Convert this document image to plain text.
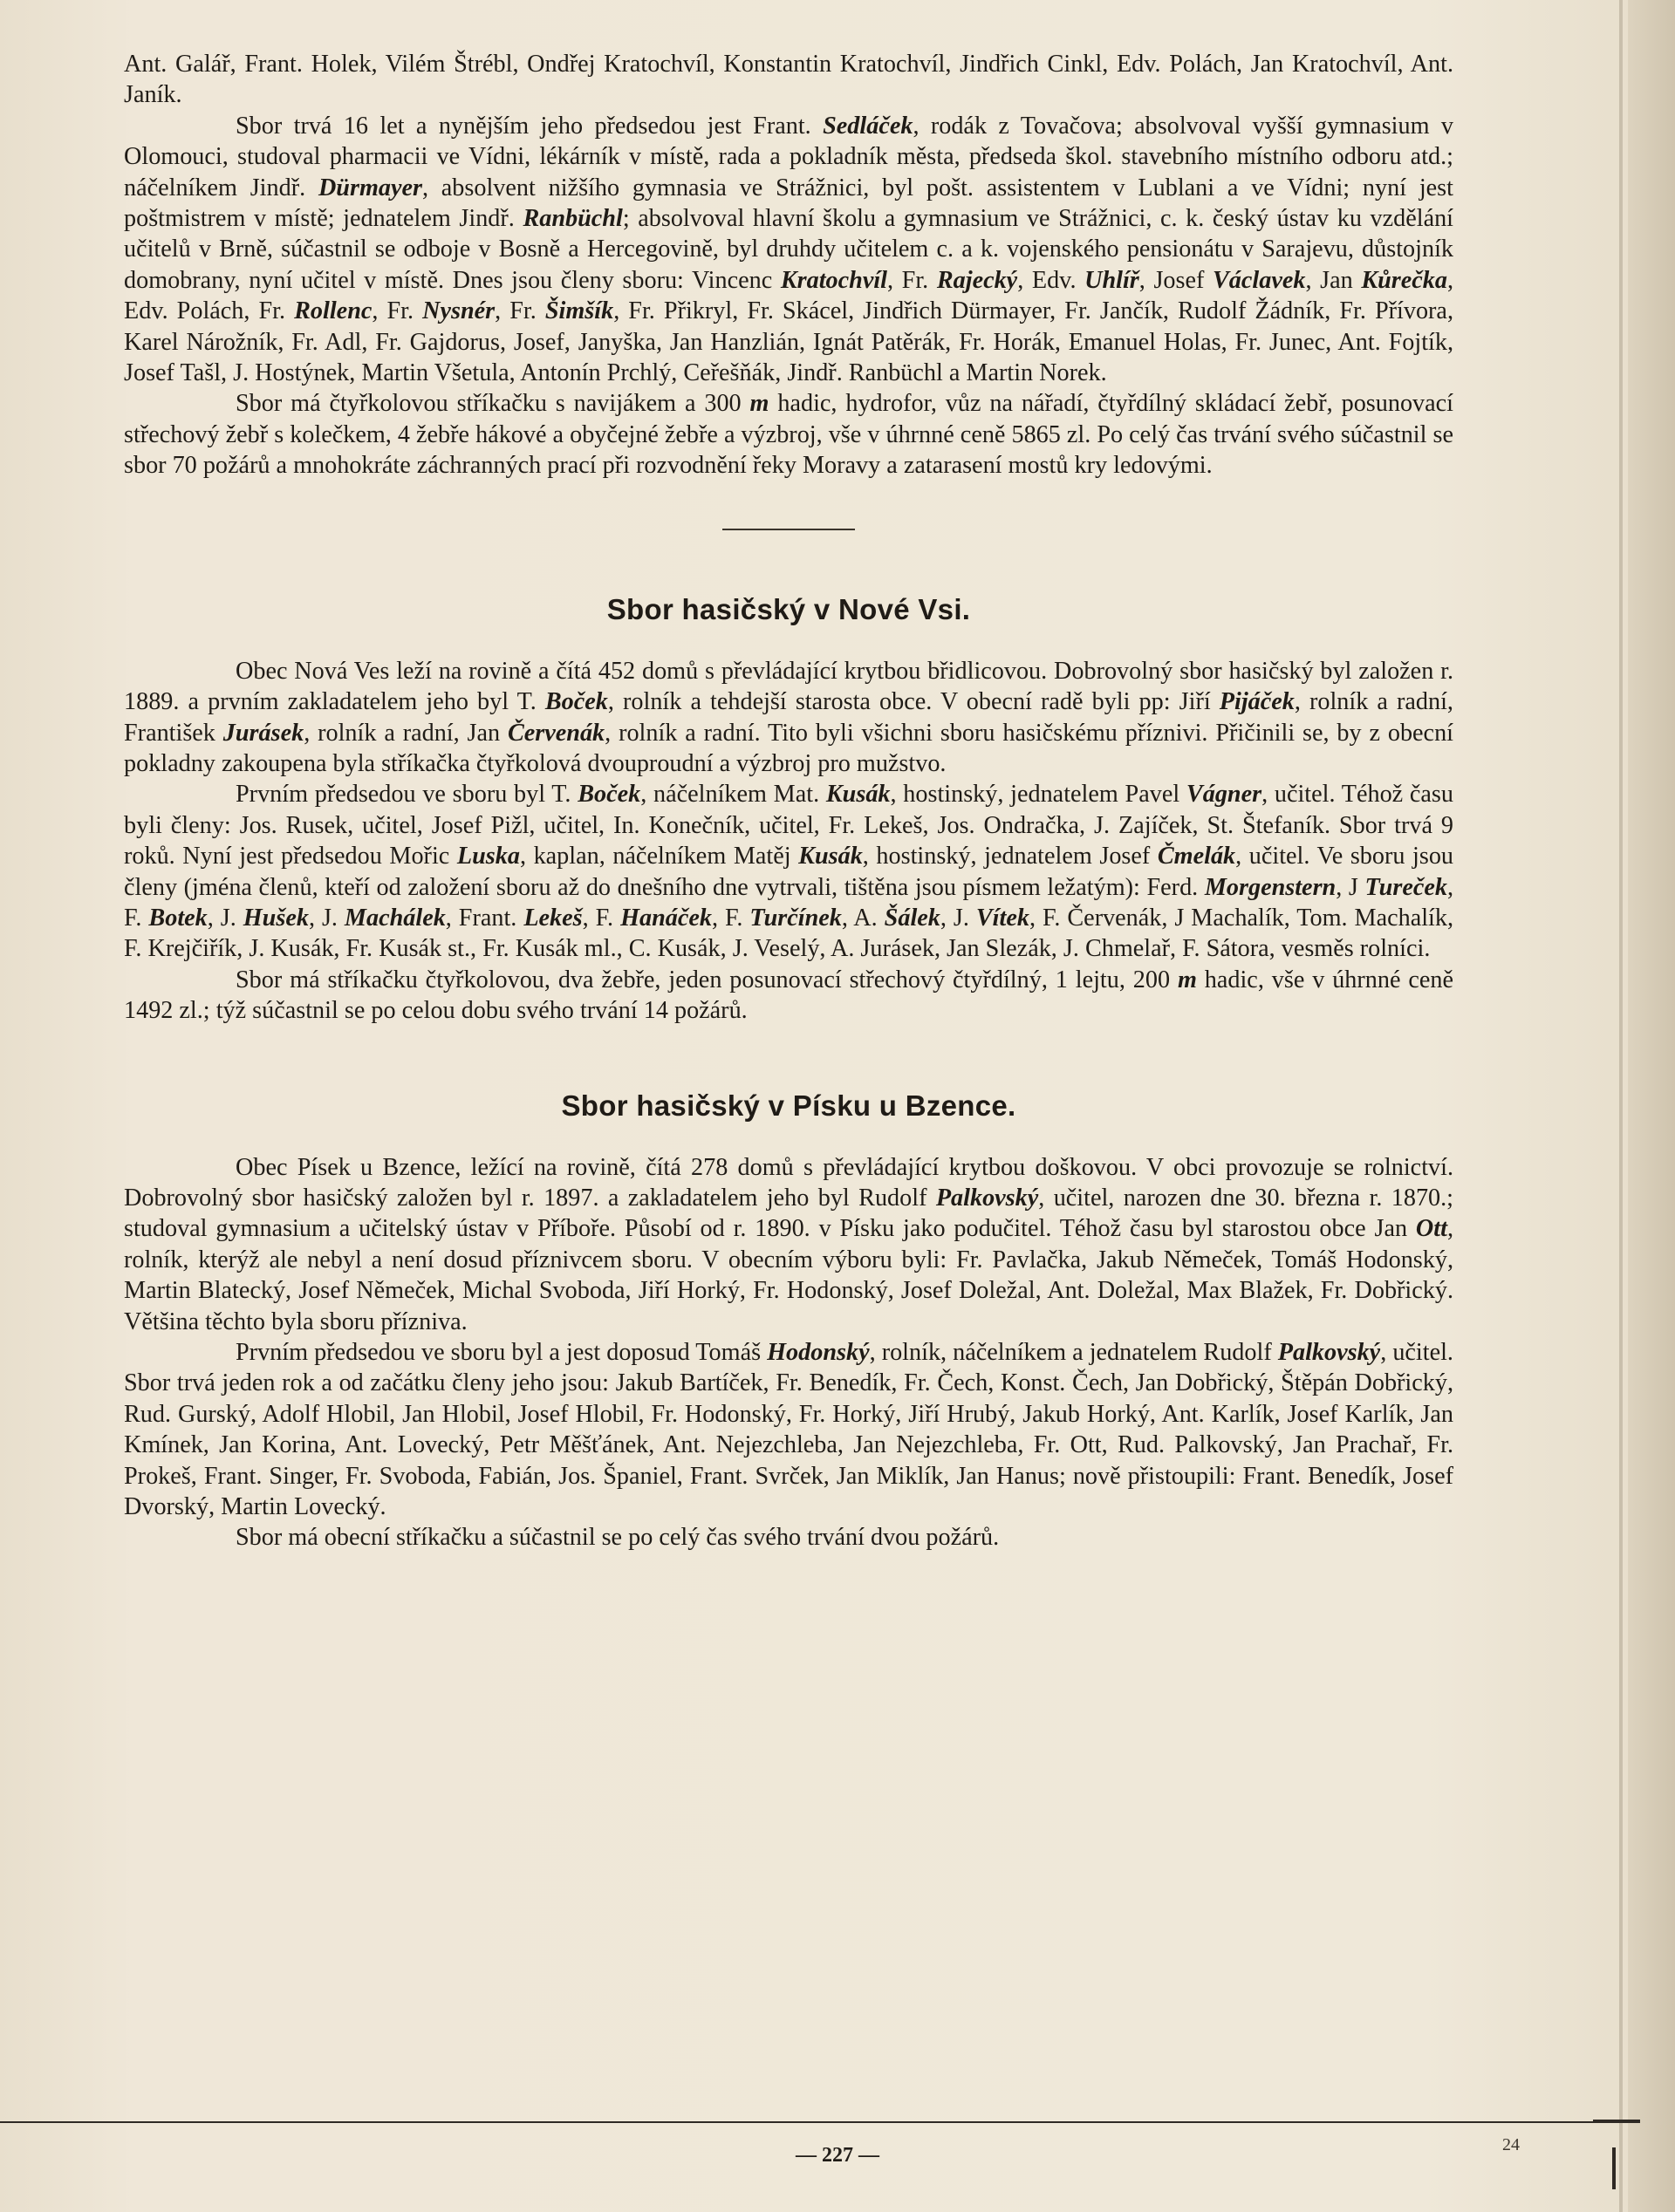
Ant. Galář, Frant. Holek, Vilém Štrébl, Ondřej Kratochvíl, Konstantin Kratochvíl, Jindřich Cinkl, Edv. Polách, Jan Kratochvíl, Ant. Janík.

Sbor trvá 16 let a nynějším jeho předsedou jest Frant. Sedláček, rodák z Tovačova; absolvoval vyšší gymnasium v Olomouci, studoval pharmacii ve Vídni, lékárník v místě, rada a pokladník města, předseda škol. stavebního místního odboru atd.; náčelníkem Jindř. Dürmayer, absolvent nižšího gymnasia ve Strážnici, byl pošt. assistentem v Lublani a ve Vídni; nyní jest poštmistrem v místě; jednatelem Jindř. Ranbüchl; absolvoval hlavní školu a gymnasium ve Strážnici, c. k. český ústav ku vzdělání učitelů v Brně, súčastnil se odboje v Bosně a Hercegovině, byl druhdy učitelem c. a k. vojenského pensionátu v Sarajevu, důstojník domobrany, nyní učitel v místě. Dnes jsou členy sboru: Vincenc Kratochvíl, Fr. Rajecký, Edv. Uhlíř, Josef Václavek, Jan Kůrečka, Edv. Polách, Fr. Rollenc, Fr. Nysnér, Fr. Šimšík, Fr. Přikryl, Fr. Skácel, Jindřich Dürmayer, Fr. Jančík, Rudolf Žádník, Fr. Přívora, Karel Nárožník, Fr. Adl, Fr. Gajdorus, Josef, Janyška, Jan Hanzlián, Ignát Patěrák, Fr. Horák, Emanuel Holas, Fr. Junec, Ant. Fojtík, Josef Tašl, J. Hostýnek, Martin Všetula, Antonín Prchlý, Ceřešňák, Jindř. Ranbüchl a Martin Norek.

Sbor má čtyřkolovou stříkačku s navijákem a 300 m hadic, hydrofor, vůz na nářadí, čtyřdílný skládací žebř, posunovací střechový žebř s kolečkem, 4 žebře hákové a obyčejné žebře a výzbroj, vše v úhrnné ceně 5865 zl. Po celý čas trvání svého súčastnil se sbor 70 požárů a mnohokráte záchranných prací při rozvodnění řeky Moravy a zatarasení mostů kry ledovými.

Sbor hasičský v Nové Vsi.

Obec Nová Ves leží na rovině a čítá 452 domů s převládající krytbou břidlicovou. Dobrovolný sbor hasičský byl založen r. 1889. a prvním zakladatelem jeho byl T. Boček, rolník a tehdejší starosta obce. V obecní radě byli pp: Jiří Pijáček, rolník a radní, František Jurásek, rolník a radní, Jan Červenák, rolník a radní. Tito byli všichni sboru hasičskému příznivi. Přičinili se, by z obecní pokladny zakoupena byla stříkačka čtyřkolová dvouproudní a výzbroj pro mužstvo.

Prvním předsedou ve sboru byl T. Boček, náčelníkem Mat. Kusák, hostinský, jednatelem Pavel Vágner, učitel. Téhož času byli členy: Jos. Rusek, učitel, Josef Pižl, učitel, In. Konečník, učitel, Fr. Lekeš, Jos. Ondračka, J. Zajíček, St. Štefaník. Sbor trvá 9 roků. Nyní jest předsedou Mořic Luska, kaplan, náčelníkem Matěj Kusák, hostinský, jednatelem Josef Čmelák, učitel. Ve sboru jsou členy (jména členů, kteří od založení sboru až do dnešního dne vytrvali, tištěna jsou písmem ležatým): Ferd. Morgenstern, J Tureček, F. Botek, J. Hušek, J. Machálek, Frant. Lekeš, F. Hanáček, F. Turčínek, A. Šálek, J. Vítek, F. Červenák, J Machalík, Tom. Machalík, F. Krejčiřík, J. Kusák, Fr. Kusák st., Fr. Kusák ml., C. Kusák, J. Veselý, A. Jurásek, Jan Slezák, J. Chmelař, F. Sátora, vesměs rolníci.

Sbor má stříkačku čtyřkolovou, dva žebře, jeden posunovací střechový čtyřdílný, 1 lejtu, 200 m hadic, vše v úhrnné ceně 1492 zl.; týž súčastnil se po celou dobu svého trvání 14 požárů.

Sbor hasičský v Písku u Bzence.

Obec Písek u Bzence, ležící na rovině, čítá 278 domů s převládající krytbou doškovou. V obci provozuje se rolnictví. Dobrovolný sbor hasičský založen byl r. 1897. a zakladatelem jeho byl Rudolf Palkovský, učitel, narozen dne 30. března r. 1870.; studoval gymnasium a učitelský ústav v Příboře. Působí od r. 1890. v Písku jako podučitel. Téhož času byl starostou obce Jan Ott, rolník, kterýž ale nebyl a není dosud příznivcem sboru. V obecním výboru byli: Fr. Pavlačka, Jakub Němeček, Tomáš Hodonský, Martin Blatecký, Josef Němeček, Michal Svoboda, Jiří Horký, Fr. Hodonský, Josef Doležal, Ant. Doležal, Max Blažek, Fr. Dobřický. Většina těchto byla sboru příznivа.

Prvním předsedou ve sboru byl a jest doposud Tomáš Hodonský, rolník, náčelníkem a jednatelem Rudolf Palkovský, učitel. Sbor trvá jeden rok a od začátku členy jeho jsou: Jakub Bartíček, Fr. Benedík, Fr. Čech, Konst. Čech, Jan Dobřický, Štěpán Dobřický, Rud. Gurský, Adolf Hlobil, Jan Hlobil, Josef Hlobil, Fr. Hodonský, Fr. Horký, Jiří Hrubý, Jakub Horký, Ant. Karlík, Josef Karlík, Jan Kmínek, Jan Korina, Ant. Lovecký, Petr Měšťánek, Ant. Nejezchleba, Jan Nejezchleba, Fr. Ott, Rud. Palkovský, Jan Prachař, Fr. Prokeš, Frant. Singer, Fr. Svoboda, Fabián, Jos. Španiel, Frant. Svrček, Jan Miklík, Jan Hanus; nově přistoupili: Frant. Benedík, Josef Dvorský, Martin Lovecký.

Sbor má obecní stříkačku a súčastnil se po celý čas svého trvání dvou požárů.

— 227 —	24
